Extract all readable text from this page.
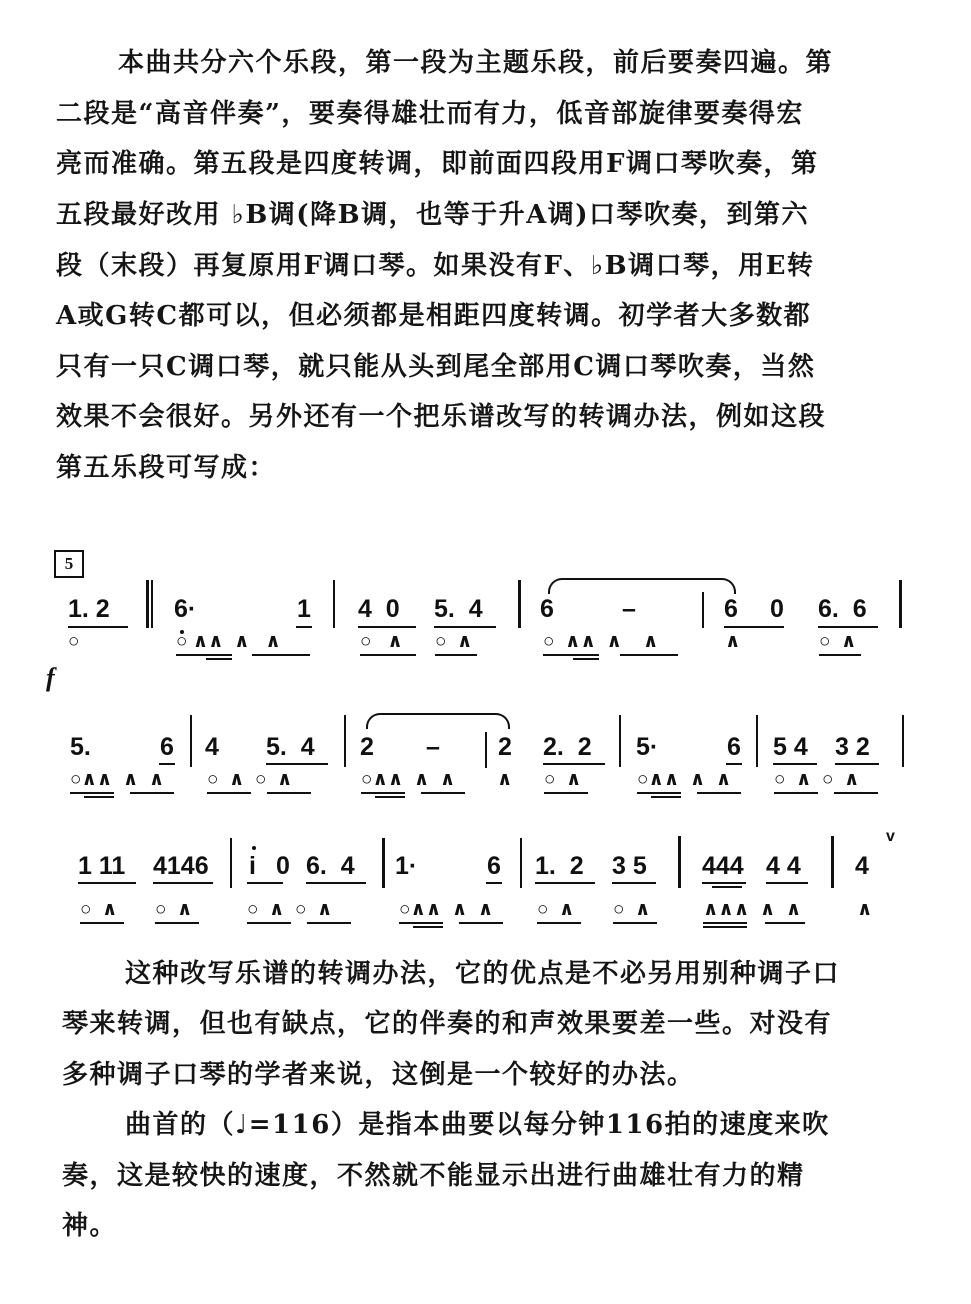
本曲共分六个乐段，第一段为主题乐段，前后要奏四遍。第
二段是“高音伴奏”，要奏得雄壮而有力，低音部旋律要奏得宏
亮而准确。第五段是四度转调，即前面四段用F调口琴吹奏，第
五段最好改用 ♭B调(降B调，也等于升A调)口琴吹奏，到第六
段（末段）再复原用F调口琴。如果没有F、♭B调口琴，用E转
A或G转C都可以，但必须都是相距四度转调。初学者大多数都
只有一只C调口琴，就只能从头到尾全部用C调口琴吹奏，当然
效果不会很好。另外还有一个把乐谱改写的转调办法，例如这段
第五乐段可写成：
5
f
1. 2	6·	1 4  0 5.  4 6	–	6 0 6.  6
○	○ ∧∧  ∧   ∧	○   ∧ ○  ∧	○  ∧∧  ∧    ∧	∧	○  ∧
5.	6 4 5.  4 2 – 2 2.  2 5·	6 5 4 3 2
○∧∧  ∧  ∧ ○  ∧  ○  ∧	○∧∧  ∧  ∧ ∧ ○  ∧	○∧∧  ∧  ∧ ○  ∧  ○  ∧
1 11 4146 i 0 6.  4 1·	6 1.  2 3 5 444 4 4 4
v
○  ∧ ○  ∧	○  ∧  ○  ∧	○∧∧  ∧  ∧ ○  ∧ ○  ∧	∧∧∧  ∧  ∧	∧
这种改写乐谱的转调办法，它的优点是不必另用别种调子口
琴来转调，但也有缺点，它的伴奏的和声效果要差一些。对没有
多种调子口琴的学者来说，这倒是一个较好的办法。
曲首的（♩=116）是指本曲要以每分钟116拍的速度来吹
奏，这是较快的速度，不然就不能显示出进行曲雄壮有力的精
神。
